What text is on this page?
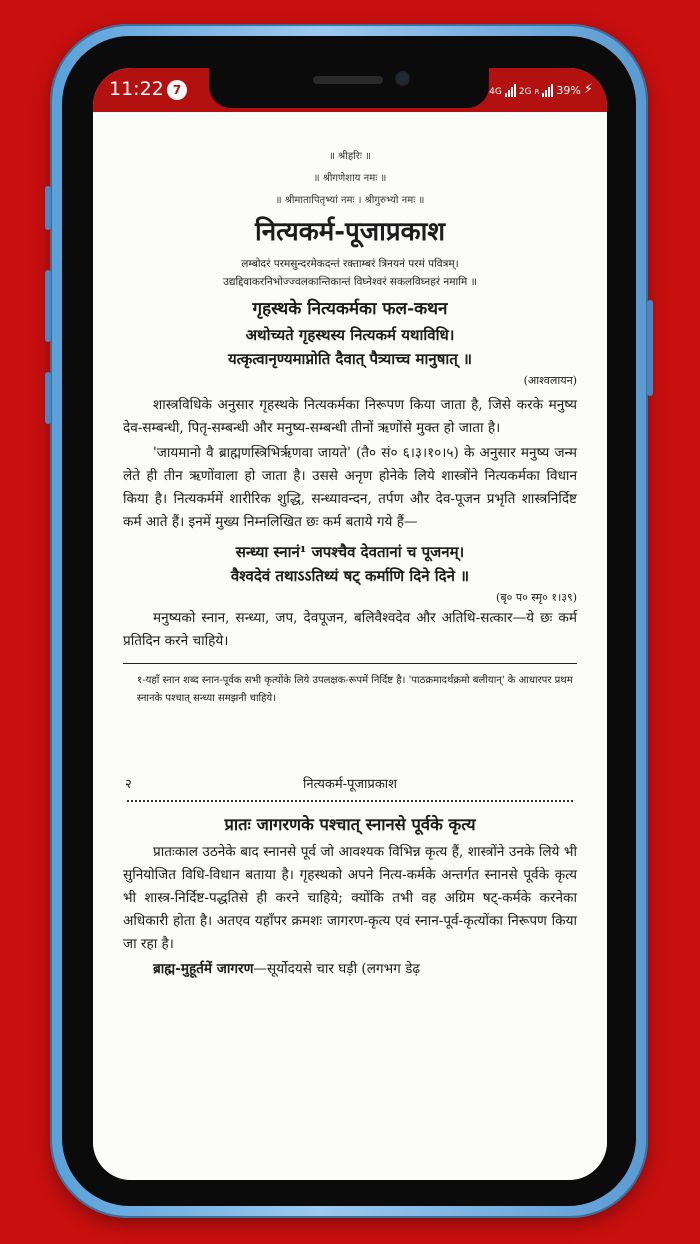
11:22 7	4G 2G R 39% ⚡
॥ श्रीहरिः ॥
॥ श्रीगणेशाय नमः ॥
॥ श्रीमातापितृभ्यां नमः । श्रीगुरुभ्यो नमः ॥
नित्यकर्म-पूजाप्रकाश
लम्बोदरं परमसुन्दरमेकदन्तं रक्ताम्बरं त्रिनयनं परमं पवित्रम्।
उद्यद्दिवाकरनिभोज्ज्वलकान्तिकान्तं विघ्नेश्वरं सकलविघ्नहरं नमामि ॥
गृहस्थके नित्यकर्मका फल-कथन
अथोच्यते गृहस्थस्य नित्यकर्म यथाविधि।
यत्कृत्वानृण्यमाप्नोति दैवात् पैत्र्याच्च मानुषात् ॥
(आश्वलायन)
शास्त्रविधिके अनुसार गृहस्थके नित्यकर्मका निरूपण किया जाता है, जिसे करके मनुष्य देव-सम्बन्धी, पितृ-सम्बन्धी और मनुष्य-सम्बन्धी तीनों ऋणोंसे मुक्त हो जाता है।
'जायमानो वै ब्राह्मणस्त्रिभिर्ऋणवा जायते' (तै० सं० ६।३।१०।५) के अनुसार मनुष्य जन्म लेते ही तीन ऋणोंवाला हो जाता है। उससे अनृण होनेके लिये शास्त्रोंने नित्यकर्मका विधान किया है। नित्यकर्ममें शारीरिक शुद्धि, सन्ध्यावन्दन, तर्पण और देव-पूजन प्रभृति शास्त्रनिर्दिष्ट कर्म आते हैं। इनमें मुख्य निम्नलिखित छः कर्म बताये गये हैं—
सन्ध्या स्नानं¹ जपश्चैव देवतानां च पूजनम्।
वैश्वदेवं तथाऽऽतिथ्यं षट् कर्माणि दिने दिने ॥
(बृ० प० स्मृ० १।३९)
मनुष्यको स्नान, सन्ध्या, जप, देवपूजन, बलिवैश्वदेव और अतिथि-सत्कार—ये छः कर्म प्रतिदिन करने चाहिये।
१-यहाँ स्नान शब्द स्नान-पूर्वक सभी कृत्योंके लिये उपलक्षक-रूपमें निर्दिष्ट है। 'पाठक्रमादर्थक्रमो बलीयान्' के आधारपर प्रथम स्नानके पश्चात् सन्ध्या समझनी चाहिये।
२	नित्यकर्म-पूजाप्रकाश
प्रातः जागरणके पश्चात् स्नानसे पूर्वके कृत्य
प्रातःकाल उठनेके बाद स्नानसे पूर्व जो आवश्यक विभिन्न कृत्य हैं, शास्त्रोंने उनके लिये भी सुनियोजित विधि-विधान बताया है। गृहस्थको अपने नित्य-कर्मके अन्तर्गत स्नानसे पूर्वके कृत्य भी शास्त्र-निर्दिष्ट-पद्धतिसे ही करने चाहिये; क्योंकि तभी वह अग्रिम षट्-कर्मके करनेका अधिकारी होता है। अतएव यहाँपर क्रमशः जागरण-कृत्य एवं स्नान-पूर्व-कृत्योंका निरूपण किया जा रहा है।
ब्राह्म-मुहूर्तमें जागरण—सूर्योदयसे चार घड़ी (लगभग डेढ़
